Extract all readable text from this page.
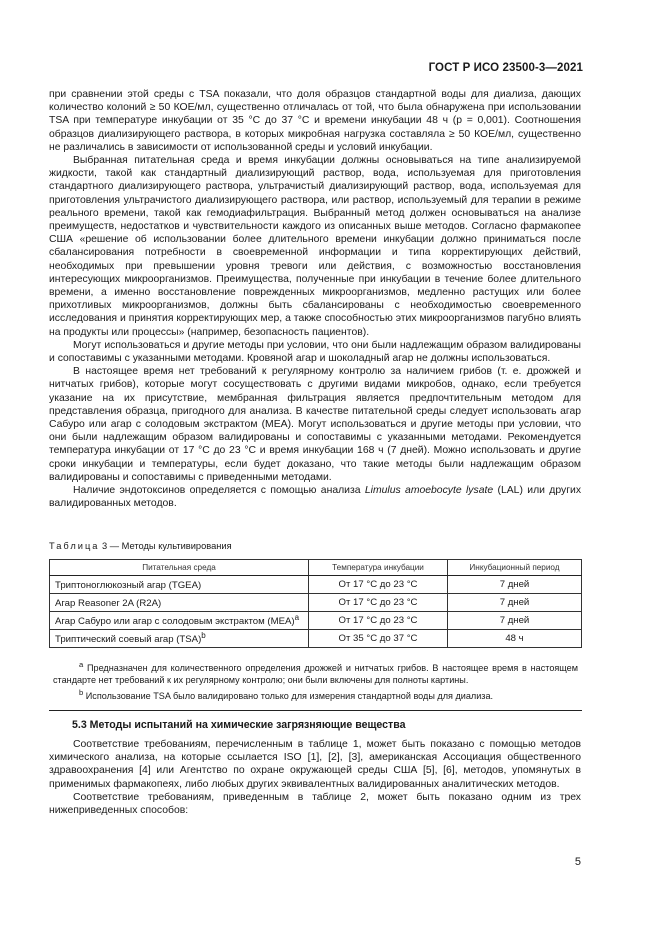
ГОСТ Р ИСО 23500-3—2021

при сравнении этой среды с TSA показали, что доля образцов стандартной воды для диализа, дающих количество колоний ≥ 50 КОЕ/мл, существенно отличалась от той, что была обнаружена при использовании TSA при температуре инкубации от 35 °С до 37 °С и времени инкубации 48 ч (p = 0,001). Соотношения образцов диализирующего раствора, в которых микробная нагрузка составляла ≥ 50 КОЕ/мл, существенно не различались в зависимости от использованной среды и условий инкубации.

Выбранная питательная среда и время инкубации должны основываться на типе анализируемой жидкости, такой как стандартный диализирующий раствор, вода, используемая для приготовления стандартного диализирующего раствора, ультрачистый диализирующий раствор, вода, используемая для приготовления ультрачистого диализирующего раствора, или раствор, используемый для терапии в режиме реального времени, такой как гемодиафильтрация. Выбранный метод должен основываться на анализе преимуществ, недостатков и чувствительности каждого из описанных выше методов. Согласно фармакопее США «решение об использовании более длительного времени инкубации должно приниматься после сбалансирования потребности в своевременной информации и типа корректирующих действий, необходимых при превышении уровня тревоги или действия, с возможностью восстановления интересующих микроорганизмов. Преимущества, полученные при инкубации в течение более длительного времени, а именно восстановление поврежденных микроорганизмов, медленно растущих или более прихотливых микроорганизмов, должны быть сбалансированы с необходимостью своевременного исследования и принятия корректирующих мер, а также способностью этих микроорганизмов пагубно влиять на продукты или процессы» (например, безопасность пациентов).

Могут использоваться и другие методы при условии, что они были надлежащим образом валидированы и сопоставимы с указанными методами. Кровяной агар и шоколадный агар не должны использоваться.

В настоящее время нет требований к регулярному контролю за наличием грибов (т. е. дрожжей и нитчатых грибов), которые могут сосуществовать с другими видами микробов, однако, если требуется указание на их присутствие, мембранная фильтрация является предпочтительным методом для представления образца, пригодного для анализа. В качестве питательной среды следует использовать агар Сабуро или агар с солодовым экстрактом (MEA). Могут использоваться и другие методы при условии, что они были надлежащим образом валидированы и сопоставимы с указанными методами. Рекомендуется температура инкубации от 17 °С до 23 °С и время инкубации 168 ч (7 дней). Можно использовать и другие сроки инкубации и температуры, если будет доказано, что такие методы были надлежащим образом валидированы и сопоставимы с приведенными методами.

Наличие эндотоксинов определяется с помощью анализа Limulus amoebocyte lysate (LAL) или других валидированных методов.

Таблица 3 — Методы культивирования
Питательная среда	Температура инкубации	Инкубационный период
Триптоноглюкозный агар (TGEA)	От 17 °С до 23 °С	7 дней
Агар Reasoner 2A (R2A)	От 17 °С до 23 °С	7 дней
Агар Сабуро или агар с солодовым экстрактом (MEA)$^а$	От 17 °С до 23 °С	7 дней
Триптический соевый агар (TSA)$^b$	От 35 °С до 37 °С	48 ч

$^а$ Предназначен для количественного определения дрожжей и нитчатых грибов. В настоящее время в настоящем стандарте нет требований к их регулярному контролю; они были включены для полноты картины.

$^b$ Использование TSA было валидировано только для измерения стандартной воды для диализа.

5.3 Методы испытаний на химические загрязняющие вещества

Соответствие требованиям, перечисленным в таблице 1, может быть показано с помощью методов химического анализа, на которые ссылается ISO [1], [2], [3], американская Ассоциация общественного здравоохранения [4] или Агентство по охране окружающей среды США [5], [6], методов, упомянутых в применимых фармакопеях, либо любых других эквивалентных валидированных аналитических методов.

Соответствие требованиям, приведенным в таблице 2, может быть показано одним из трех нижеприведенных способов:

5
